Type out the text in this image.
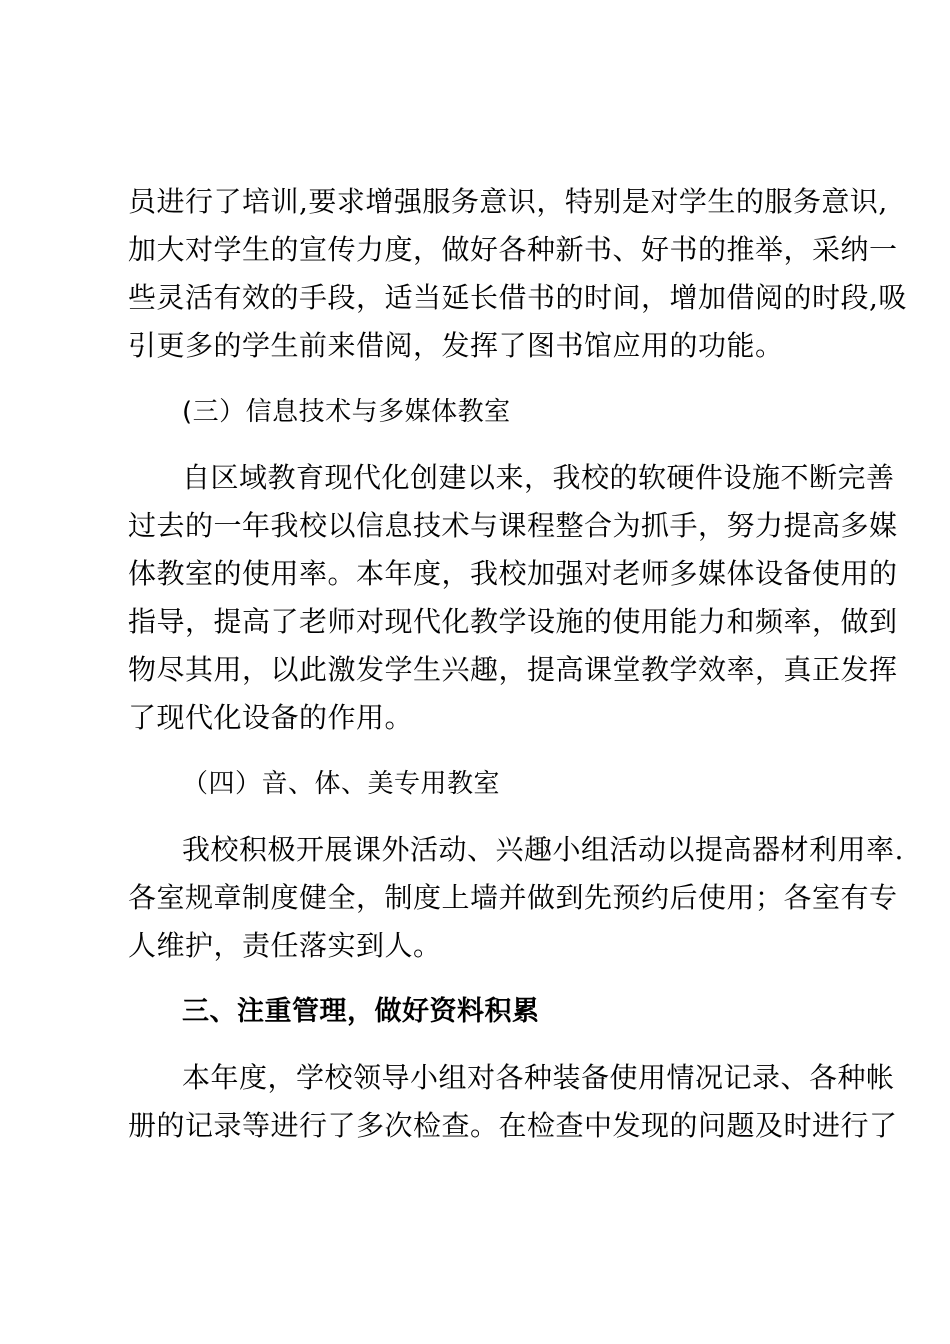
员进行了培训,要求增强服务意识，特别是对学生的服务意识,
加大对学生的宣传力度，做好各种新书、好书的推举，采纳一
些灵活有效的手段，适当延长借书的时间，增加借阅的时段,吸
引更多的学生前来借阅，发挥了图书馆应用的功能。
(三）信息技术与多媒体教室
自区域教育现代化创建以来，我校的软硬件设施不断完善
过去的一年我校以信息技术与课程整合为抓手，努力提高多媒
体教室的使用率。本年度，我校加强对老师多媒体设备使用的
指导，提高了老师对现代化教学设施的使用能力和频率，做到
物尽其用，以此激发学生兴趣，提高课堂教学效率，真正发挥
了现代化设备的作用。
（四）音、体、美专用教室
我校积极开展课外活动、兴趣小组活动以提高器材利用率.
各室规章制度健全，制度上墙并做到先预约后使用；各室有专
人维护，责任落实到人。
三、注重管理，做好资料积累
本年度，学校领导小组对各种装备使用情况记录、各种帐
册的记录等进行了多次检查。在检查中发现的问题及时进行了
